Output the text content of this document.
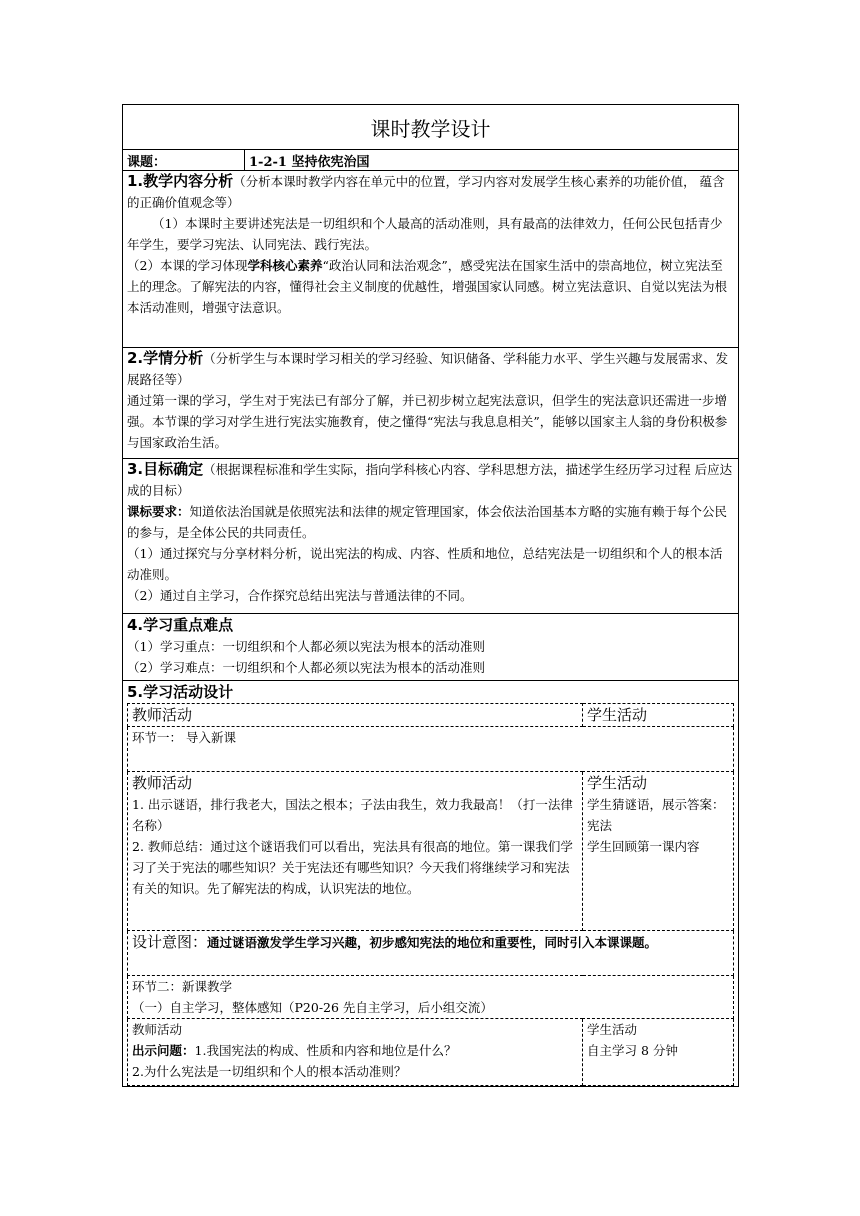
课时教学设计
课题：	1-2-1 坚持依宪治国

1.教学内容分析（分析本课时教学内容在单元中的位置，学习内容对发展学生核心素养的功能价值， 蕴含的正确价值观念等）

（1）本课时主要讲述宪法是一切组织和个人最高的活动准则，具有最高的法律效力，任何公民包括青少年学生，要学习宪法、认同宪法、践行宪法。

（2）本课的学习体现学科核心素养“政治认同和法治观念”，感受宪法在国家生活中的崇高地位，树立宪法至上的理念。了解宪法的内容，懂得社会主义制度的优越性，增强国家认同感。树立宪法意识、自觉以宪法为根本活动准则，增强守法意识。

2.学情分析（分析学生与本课时学习相关的学习经验、知识储备、学科能力水平、学生兴趣与发展需求、发展路径等）

通过第一课的学习，学生对于宪法已有部分了解，并已初步树立起宪法意识，但学生的宪法意识还需进一步增强。本节课的学习对学生进行宪法实施教育，使之懂得“宪法与我息息相关”，能够以国家主人翁的身份积极参与国家政治生活。

3.目标确定（根据课程标准和学生实际，指向学科核心内容、学科思想方法，描述学生经历学习过程 后应达成的目标）

课标要求：知道依法治国就是依照宪法和法律的规定管理国家，体会依法治国基本方略的实施有赖于每个公民的参与，是全体公民的共同责任。

（1）通过探究与分享材料分析，说出宪法的构成、内容、性质和地位，总结宪法是一切组织和个人的根本活动准则。

（2）通过自主学习，合作探究总结出宪法与普通法律的不同。

4.学习重点难点

（1）学习重点：一切组织和个人都必须以宪法为根本的活动准则

（2）学习难点：一切组织和个人都必须以宪法为根本的活动准则

5.学习活动设计
教师活动	学生活动
环节一： 导入新课

教师活动

1. 出示谜语，排行我老大，国法之根本；子法由我生，效力我最高！（打一法律名称）

2. 教师总结：通过这个谜语我们可以看出，宪法具有很高的地位。第一课我们学习了关于宪法的哪些知识？关于宪法还有哪些知识？今天我们将继续学习和宪法有关的知识。先了解宪法的构成，认识宪法的地位。

学生活动

学生猜谜语，展示答案：宪法

学生回顾第一课内容

设计意图：通过谜语激发学生学习兴趣，初步感知宪法的地位和重要性，同时引入本课课题。

环节二：新课教学
（一）自主学习，整体感知（P20-26 先自主学习，后小组交流）

教师活动

出示问题：1.我国宪法的构成、性质和内容和地位是什么？

2.为什么宪法是一切组织和个人的根本活动准则？

学生活动

自主学习 8 分钟
